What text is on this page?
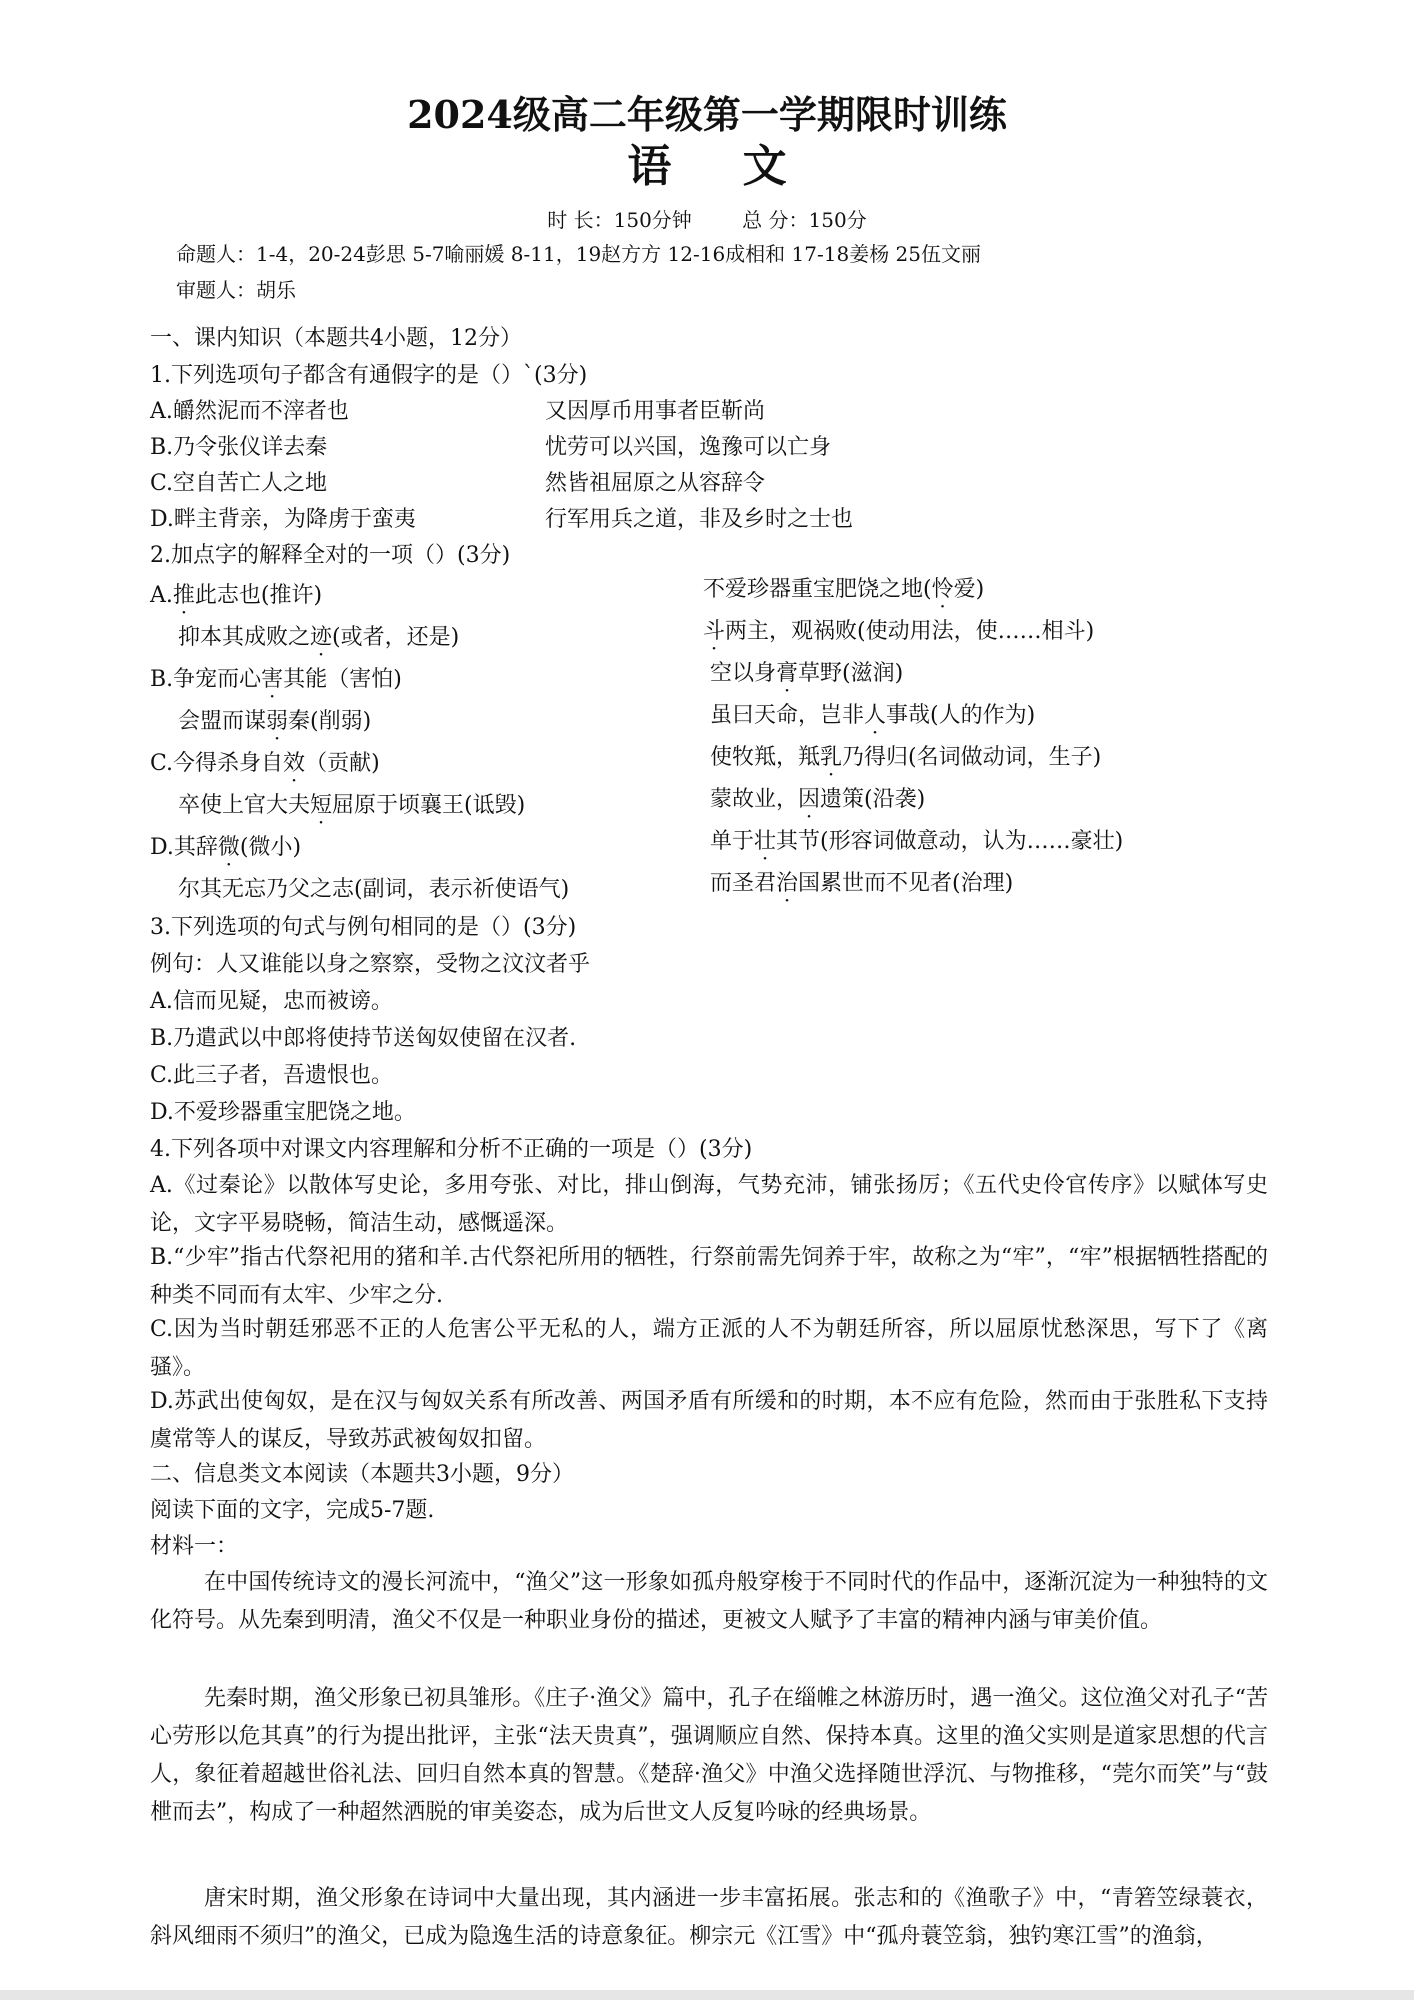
2024级高二年级第一学期限时训练
语 文
时 长：150分钟	总 分：150分
命题人：1-4，20-24彭思 5-7喻丽媛 8-11，19赵方方 12-16成相和 17-18姜杨 25伍文丽
审题人：胡乐
一、课内知识（本题共4小题，12分）
1.下列选项句子都含有通假字的是（）`(3分)
A.皭然泥而不滓者也	又因厚币用事者臣靳尚
B.乃令张仪详去秦	忧劳可以兴国，逸豫可以亡身
C.空自苦亡人之地	然皆祖屈原之从容辞令
D.畔主背亲，为降虏于蛮夷	行军用兵之道，非及乡时之士也
2.加点字的解释全对的一项（）(3分)
A.推此志也(推许)	不爱珍器重宝肥饶之地(怜爱)
抑本其成败之迹(或者，还是)	斗两主，观祸败(使动用法，使……相斗)
B.争宠而心害其能（害怕)	空以身膏草野(滋润)
会盟而谋弱秦(削弱)	虽曰天命，岂非人事哉(人的作为)
C.今得杀身自效（贡献)	使牧羝，羝乳乃得归(名词做动词，生子)
卒使上官大夫短屈原于顷襄王(诋毁)	蒙故业，因遗策(沿袭)
D.其辞微(微小)	单于壮其节(形容词做意动，认为……豪壮)
尔其无忘乃父之志(副词，表示祈使语气)	而圣君治国累世而不见者(治理)
3.下列选项的句式与例句相同的是（）(3分)
例句：人又谁能以身之察察，受物之汶汶者乎
A.信而见疑，忠而被谤。
B.乃遣武以中郎将使持节送匈奴使留在汉者.
C.此三子者，吾遗恨也。
D.不爱珍器重宝肥饶之地。
4.下列各项中对课文内容理解和分析不正确的一项是（）(3分)
A.《过秦论》以散体写史论，多用夸张、对比，排山倒海，气势充沛，铺张扬厉；《五代史伶官传序》以赋体写史论，文字平易晓畅，简洁生动，感慨遥深。
B.“少牢”指古代祭祀用的猪和羊.古代祭祀所用的牺牲，行祭前需先饲养于牢，故称之为“牢”，“牢”根据牺牲搭配的种类不同而有太牢、少牢之分.
C.因为当时朝廷邪恶不正的人危害公平无私的人，端方正派的人不为朝廷所容，所以屈原忧愁深思，写下了《离骚》。
D.苏武出使匈奴，是在汉与匈奴关系有所改善、两国矛盾有所缓和的时期，本不应有危险，然而由于张胜私下支持虞常等人的谋反，导致苏武被匈奴扣留。
二、信息类文本阅读（本题共3小题，9分）
阅读下面的文字，完成5-7题.
材料一：
在中国传统诗文的漫长河流中，“渔父”这一形象如孤舟般穿梭于不同时代的作品中，逐渐沉淀为一种独特的文化符号。从先秦到明清，渔父不仅是一种职业身份的描述，更被文人赋予了丰富的精神内涵与审美价值。
先秦时期，渔父形象已初具雏形。《庄子·渔父》篇中，孔子在缁帷之林游历时，遇一渔父。这位渔父对孔子“苦心劳形以危其真”的行为提出批评，主张“法天贵真”，强调顺应自然、保持本真。这里的渔父实则是道家思想的代言人，象征着超越世俗礼法、回归自然本真的智慧。《楚辞·渔父》中渔父选择随世浮沉、与物推移，“莞尔而笑”与“鼓枻而去”，构成了一种超然洒脱的审美姿态，成为后世文人反复吟咏的经典场景。
唐宋时期，渔父形象在诗词中大量出现，其内涵进一步丰富拓展。张志和的《渔歌子》中，“青箬笠绿蓑衣，斜风细雨不须归”的渔父，已成为隐逸生活的诗意象征。柳宗元《江雪》中“孤舟蓑笠翁，独钓寒江雪”的渔翁，
